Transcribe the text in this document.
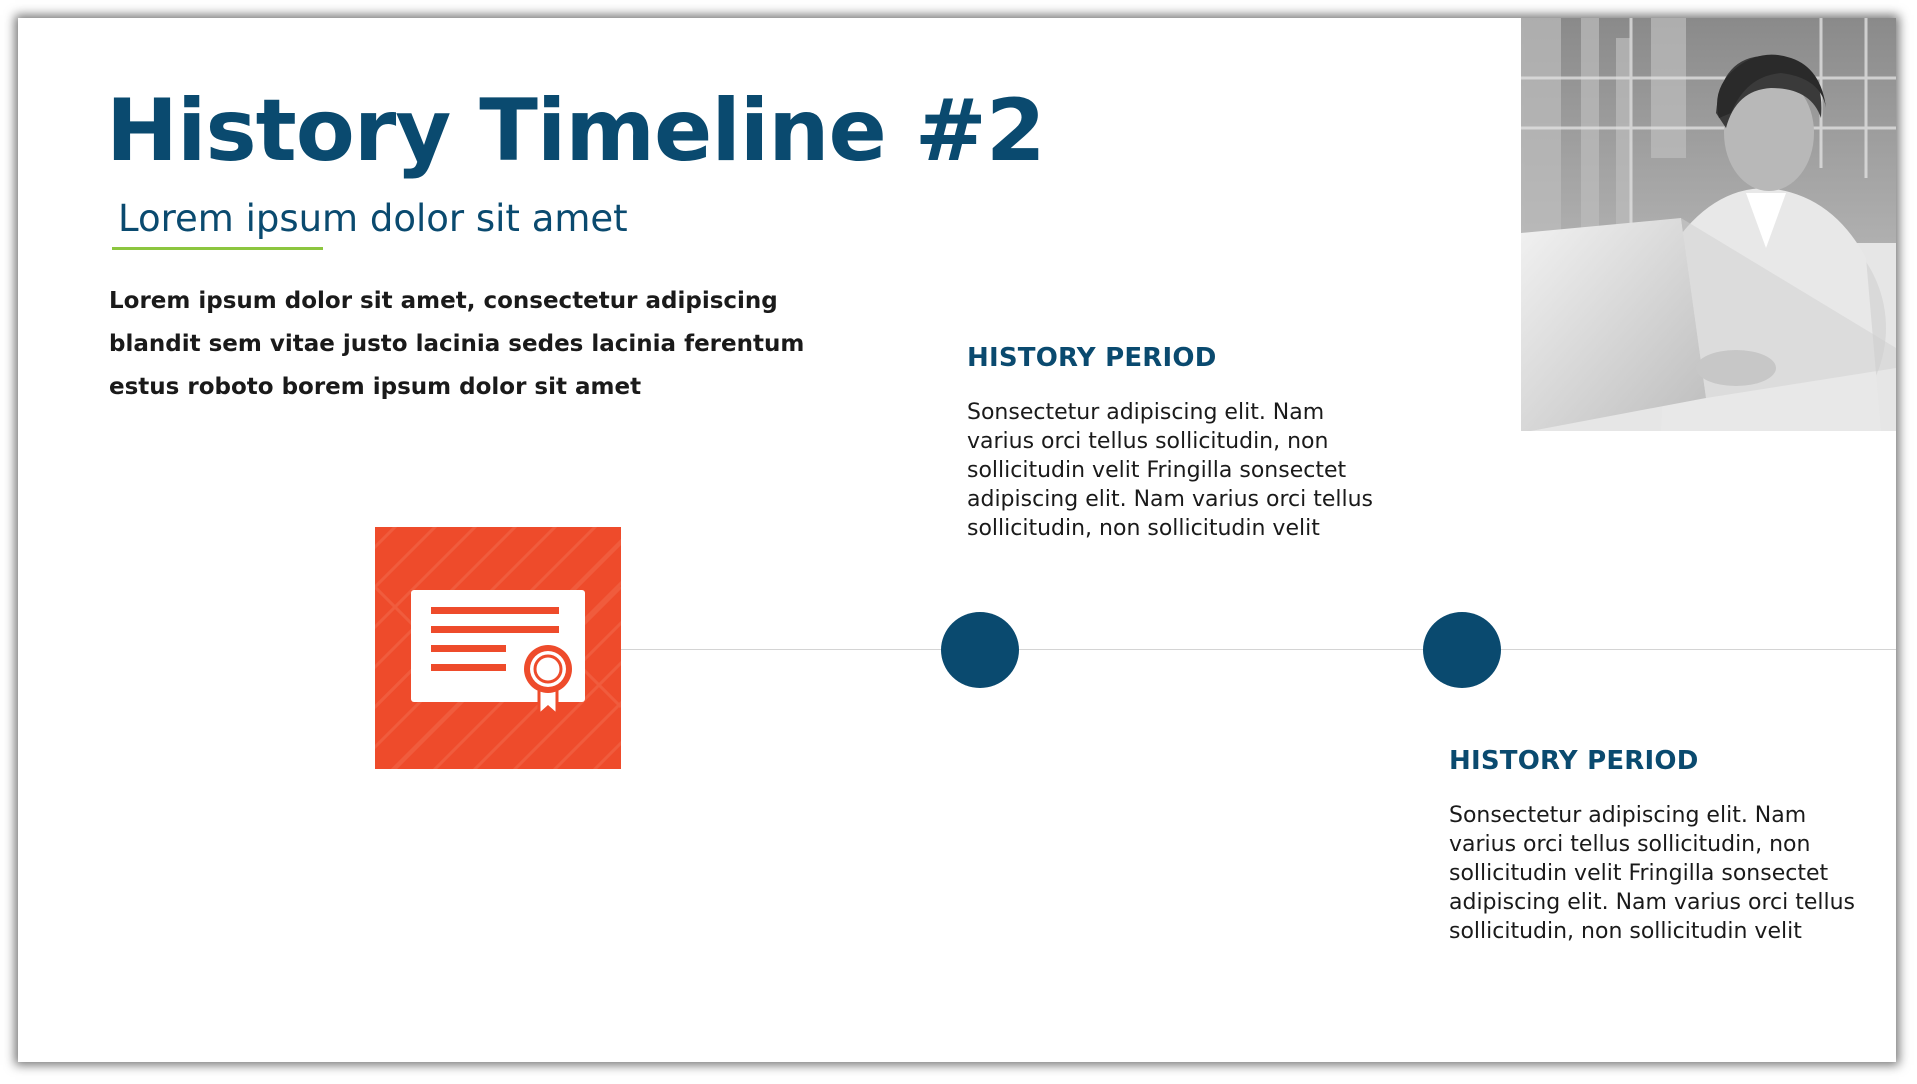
History Timeline #2

Lorem ipsum dolor sit amet

Lorem ipsum dolor sit amet, consectetur adipiscing blandit sem vitae justo lacinia sedes lacinia ferentum estus roboto borem ipsum dolor sit amet

HISTORY PERIOD

Sonsectetur adipiscing elit. Nam varius orci tellus sollicitudin, non sollicitudin velit Fringilla sonsectet adipiscing elit. Nam varius orci tellus sollicitudin, non sollicitudin velit

HISTORY PERIOD

Sonsectetur adipiscing elit. Nam varius orci tellus sollicitudin, non sollicitudin velit Fringilla sonsectet adipiscing elit. Nam varius orci tellus sollicitudin, non sollicitudin velit
